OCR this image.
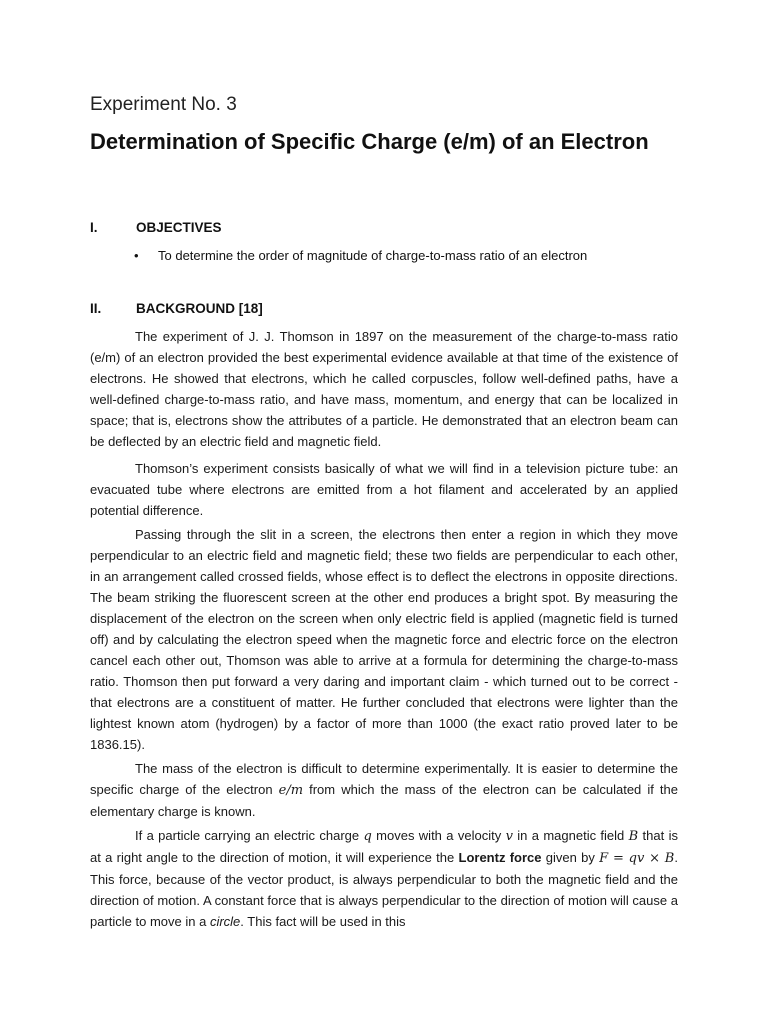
Experiment No. 3
Determination of Specific Charge (e/m) of an Electron
I.	OBJECTIVES
• To determine the order of magnitude of charge-to-mass ratio of an electron
II.	BACKGROUND [18]

The experiment of J. J. Thomson in 1897 on the measurement of the charge-to-mass ratio (e/m) of an electron provided the best experimental evidence available at that time of the existence of electrons. He showed that electrons, which he called corpuscles, follow well-defined paths, have a well-defined charge-to-mass ratio, and have mass, momentum, and energy that can be localized in space; that is, electrons show the attributes of a particle. He demonstrated that an electron beam can be deflected by an electric field and magnetic field.

Thomson’s experiment consists basically of what we will find in a television picture tube: an evacuated tube where electrons are emitted from a hot filament and accelerated by an applied potential difference.

Passing through the slit in a screen, the electrons then enter a region in which they move perpendicular to an electric field and magnetic field; these two fields are perpendicular to each other, in an arrangement called crossed fields, whose effect is to deflect the electrons in opposite directions. The beam striking the fluorescent screen at the other end produces a bright spot. By measuring the displacement of the electron on the screen when only electric field is applied (magnetic field is turned off) and by calculating the electron speed when the magnetic force and electric force on the electron cancel each other out, Thomson was able to arrive at a formula for determining the charge-to-mass ratio. Thomson then put forward a very daring and important claim - which turned out to be correct - that electrons are a constituent of matter. He further concluded that electrons were lighter than the lightest known atom (hydrogen) by a factor of more than 1000 (the exact ratio proved later to be 1836.15).

The mass of the electron is difficult to determine experimentally. It is easier to determine the specific charge of the electron e/m from which the mass of the electron can be calculated if the elementary charge is known.

If a particle carrying an electric charge q moves with a velocity v in a magnetic field B that is at a right angle to the direction of motion, it will experience the Lorentz force given by F = qv × B. This force, because of the vector product, is always perpendicular to both the magnetic field and the direction of motion. A constant force that is always perpendicular to the direction of motion will cause a particle to move in a circle. This fact will be used in this
